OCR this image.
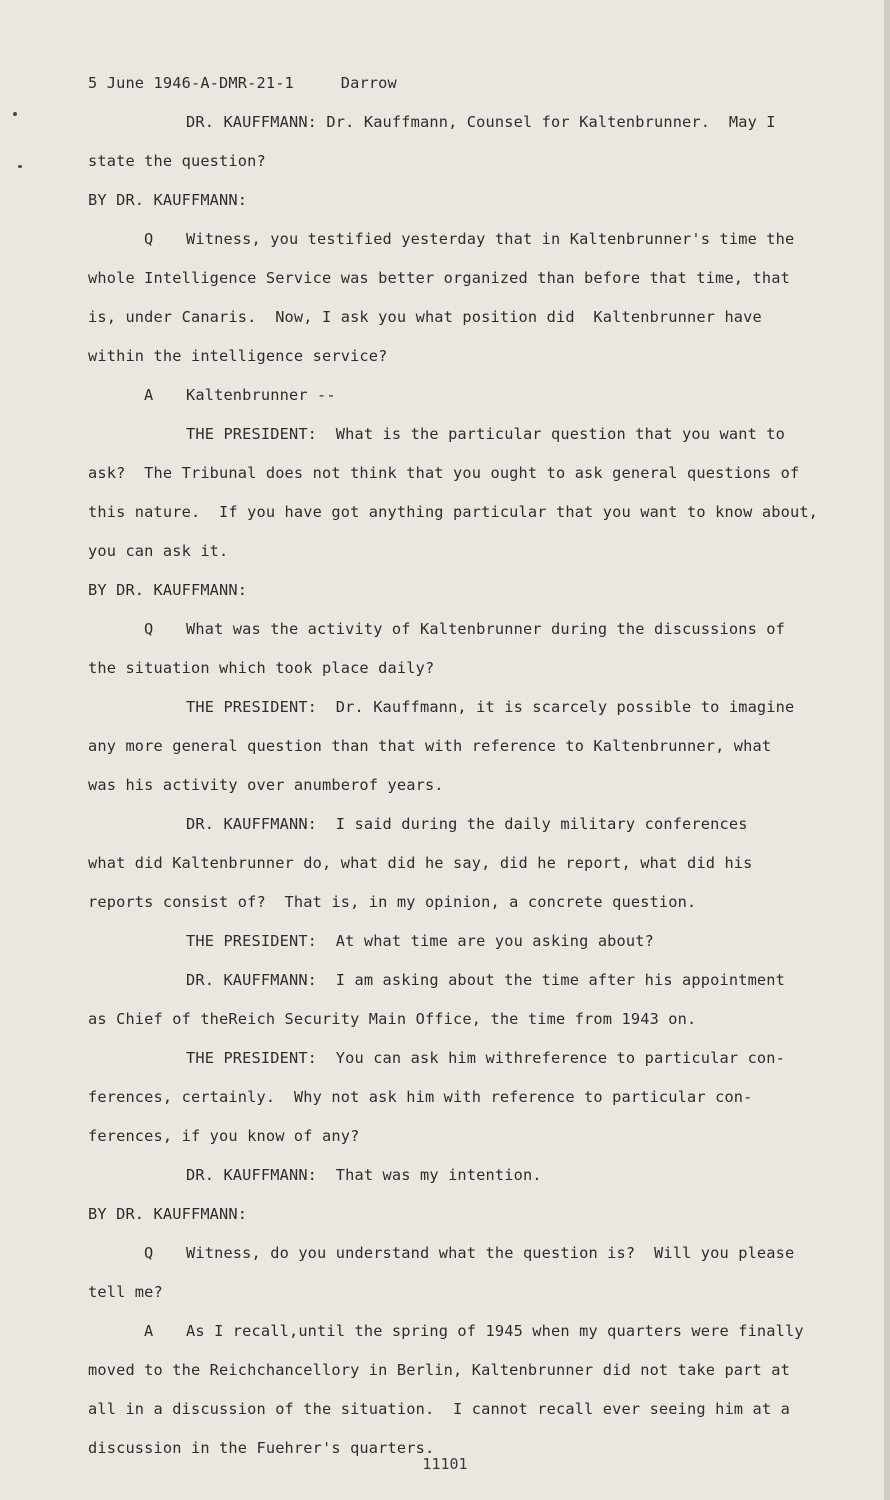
5 June 1946-A-DMR-21-1	Darrow
DR. KAUFFMANN: Dr. Kauffmann, Counsel for Kaltenbrunner.  May I
state the question?
BY DR. KAUFFMANN:
Q Witness, you testified yesterday that in Kaltenbrunner's time the
whole Intelligence Service was better organized than before that time, that
is, under Canaris.  Now, I ask you what position did  Kaltenbrunner have
within the intelligence service?
A Kaltenbrunner --
THE PRESIDENT:  What is the particular question that you want to
ask?  The Tribunal does not think that you ought to ask general questions of
this nature.  If you have got anything particular that you want to know about,
you can ask it.
BY DR. KAUFFMANN:
Q What was the activity of Kaltenbrunner during the discussions of
the situation which took place daily?
THE PRESIDENT:  Dr. Kauffmann, it is scarcely possible to imagine
any more general question than that with reference to Kaltenbrunner, what
was his activity over anumberof years.
DR. KAUFFMANN:  I said during the daily military conferences
what did Kaltenbrunner do, what did he say, did he report, what did his
reports consist of?  That is, in my opinion, a concrete question.
THE PRESIDENT:  At what time are you asking about?
DR. KAUFFMANN:  I am asking about the time after his appointment
as Chief of theReich Security Main Office, the time from 1943 on.
THE PRESIDENT:  You can ask him withreference to particular con-
ferences, certainly.  Why not ask him with reference to particular con-
ferences, if you know of any?
DR. KAUFFMANN:  That was my intention.
BY DR. KAUFFMANN:
Q Witness, do you understand what the question is?  Will you please
tell me?
A As I recall,until the spring of 1945 when my quarters were finally
moved to the Reichchancellory in Berlin, Kaltenbrunner did not take part at
all in a discussion of the situation.  I cannot recall ever seeing him at a
discussion in the Fuehrer's quarters.
11101
